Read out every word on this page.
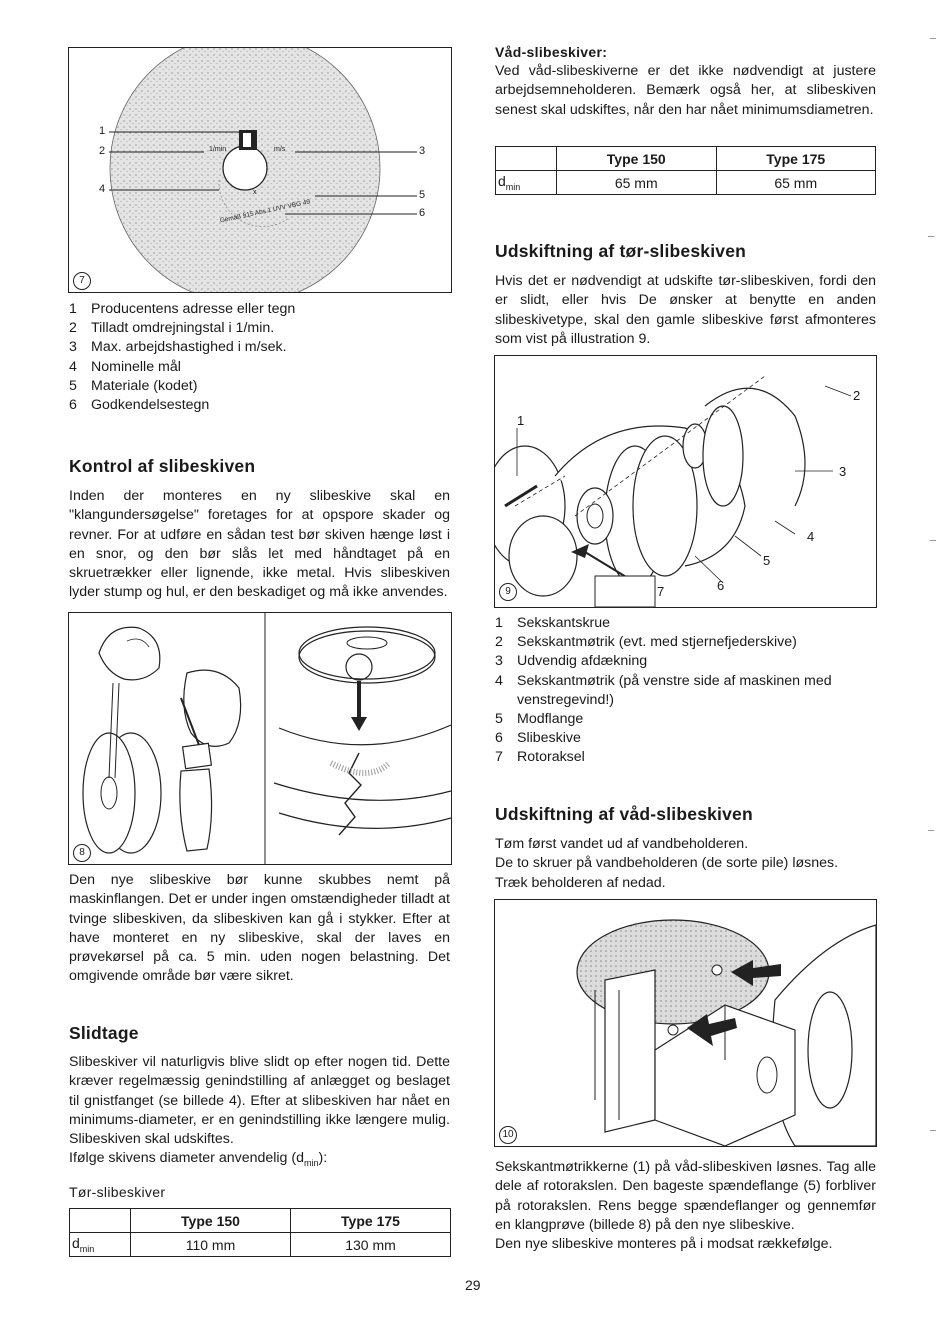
1
2	3
4	5
6
1/min	m/s
x
Gemäß §15 Abs.1 UVV VBG 49
7
1 Producentens adresse eller tegn
2 Tilladt omdrejningstal i 1/min.
3 Max. arbejdshastighed i m/sek.
4 Nominelle mål
5 Materiale (kodet)
6 Godkendelsestegn
Kontrol af slibeskiven
Inden der monteres en ny slibeskive skal en "klangundersøgelse" foretages for at opspore skader og revner. For at udføre en sådan test bør skiven hænge løst i en snor, og den bør slås let med håndtaget på en skruetrækker eller lignende, ikke metal. Hvis slibeskiven lyder stump og hul, er den beskadiget og må ikke anvendes.
8
Den nye slibeskive bør kunne skubbes nemt på maskinflangen. Det er under ingen omstændigheder tilladt at tvinge slibeskiven, da slibeskiven kan gå i stykker. Efter at have monteret en ny slibeskive, skal der laves en prøvekørsel på ca. 5 min. uden nogen belastning. Det omgivende område bør være sikret.
Slidtage

Slibeskiver vil naturligvis blive slidt op efter nogen tid. Dette kræver regelmæssig genindstilling af anlægget og beslaget til gnistfanget (se billede 4). Efter at slibeskiven har nået en minimums-diameter, er en genindstilling ikke længere mulig. Slibeskiven skal udskiftes.

Ifølge skivens diameter anvendelig $(d_{min})$:

Tør-slibeskiver
	Type 150	Type 175
$d_{min}$	110 mm	130 mm
Våd-slibeskiver:
Ved våd-slibeskiverne er det ikke nødvendigt at justere arbejdsemneholderen. Bemærk også her, at slibeskiven senest skal udskiftes, når den har nået minimumsdiametren.
	Type 150	Type 175
$d_{min}$	65 mm	65 mm
Udskiftning af tør-slibeskiven
Hvis det er nødvendigt at udskifte tør-slibeskiven, fordi den er slidt, eller hvis De ønsker at benytte en anden slibeskivetype, skal den gamle slibeskive først afmonteres som vist på illustration 9.
1
2
3
4
5
6
7
9
1 Sekskantskrue
2 Sekskantmøtrik (evt. med stjernefjederskive)
3 Udvendig afdækning
4 Sekskantmøtrik (på venstre side af maskinen med venstregevind!)
5 Modflange
6 Slibeskive
7 Rotoraksel
Udskiftning af våd-slibeskiven

Tøm først vandet ud af vandbeholderen.

De to skruer på vandbeholderen (de sorte pile) løsnes.

Træk beholderen af nedad.

10

Sekskantmøtrikkerne (1) på våd-slibeskiven løsnes. Tag alle dele af rotorakslen. Den bageste spændeflange (5) forbliver på rotorakslen. Rens begge spændeflanger og gennemfør en klangprøve (billede 8) på den nye slibeskive.

Den nye slibeskive monteres på i modsat rækkefølge.

29
